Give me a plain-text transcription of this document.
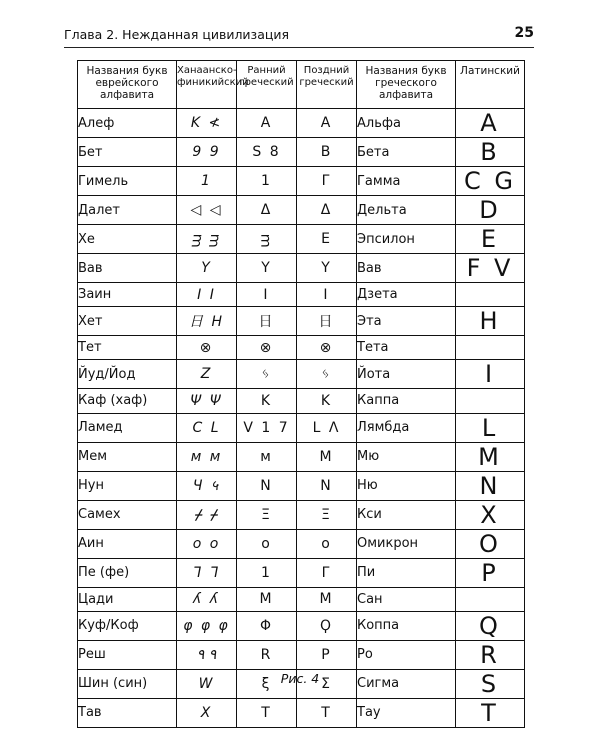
Глава 2. Нежданная цивилизация	25
Названия букв еврейского алфавита	Ханаанско-финикийский	Ранний греческий	Поздний греческий	Названия букв греческого алфавита	Латинский
Алеф	K ≮	A	A	Альфа	A
Бет	9 9	S 8	B	Бета	B
Гимель	1	1	Γ	Гамма	C G
Далет	◁ ◁	Δ	Δ	Дельта	D
Хе	ᴟ ᴟ	ᴟ	E	Эпсилон	E
Вав	Y	Y	Y	Вав	F V
Заин	I I	I	I	Дзета	
Хет	日 H	日	日	Эта	H
Тет	⊗	⊗	⊗	Тета	
Йуд/Йод	Z	ᛃ	ᛃ	Йота	I
Каф (хаф)	Ψ Ψ	K	K	Каппа	
Ламед	C L	V 1 7	L Λ	Лямбда	L
Мем	ᴍ ᴍ	ᴍ	M	Мю	M
Нун	Ч ५	N	N	Ню	N
Самех	ᚋ ᚋ	Ξ	Ξ	Кси	X
Аин	o o	o	o	Омикрон	O
Пе (фе)	ᒣ ᒣ	1	Γ	Пи	P
Цади	ʎ ʎ	M	M	Сан	
Куф/Коф	φ φ φ	Φ	Ϙ	Коппа	Q
Реш	٩ ٩	R	P	Ро	R
Шин (син)	W	ξ	Σ	Сигма	S
Тав	X	T	T	Тау	T
Рис. 4
